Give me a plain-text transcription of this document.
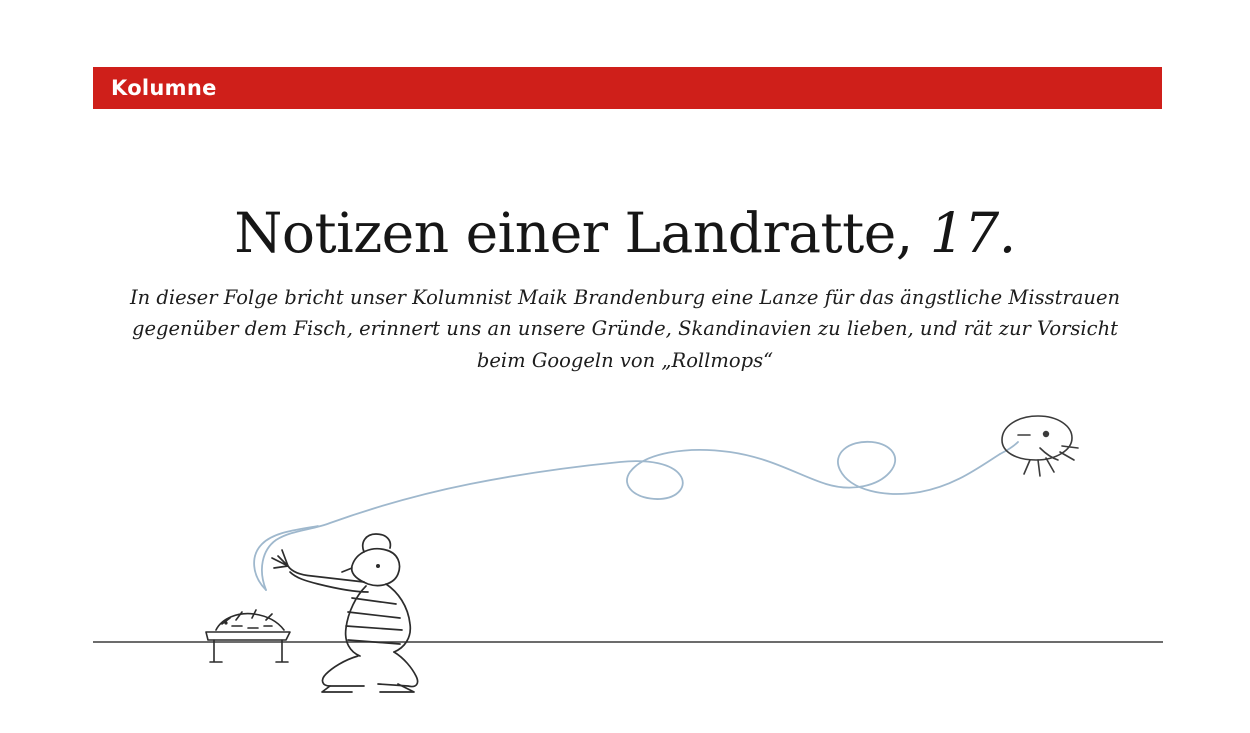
Kolumne
Notizen einer Landratte, 17.

In dieser Folge bricht unser Kolumnist Maik Brandenburg eine Lanze für das ängstliche Misstrauen gegenüber dem Fisch, erinnert uns an unsere Gründe, Skandinavien zu lieben, und rät zur Vorsicht beim Googeln von „Rollmops“
